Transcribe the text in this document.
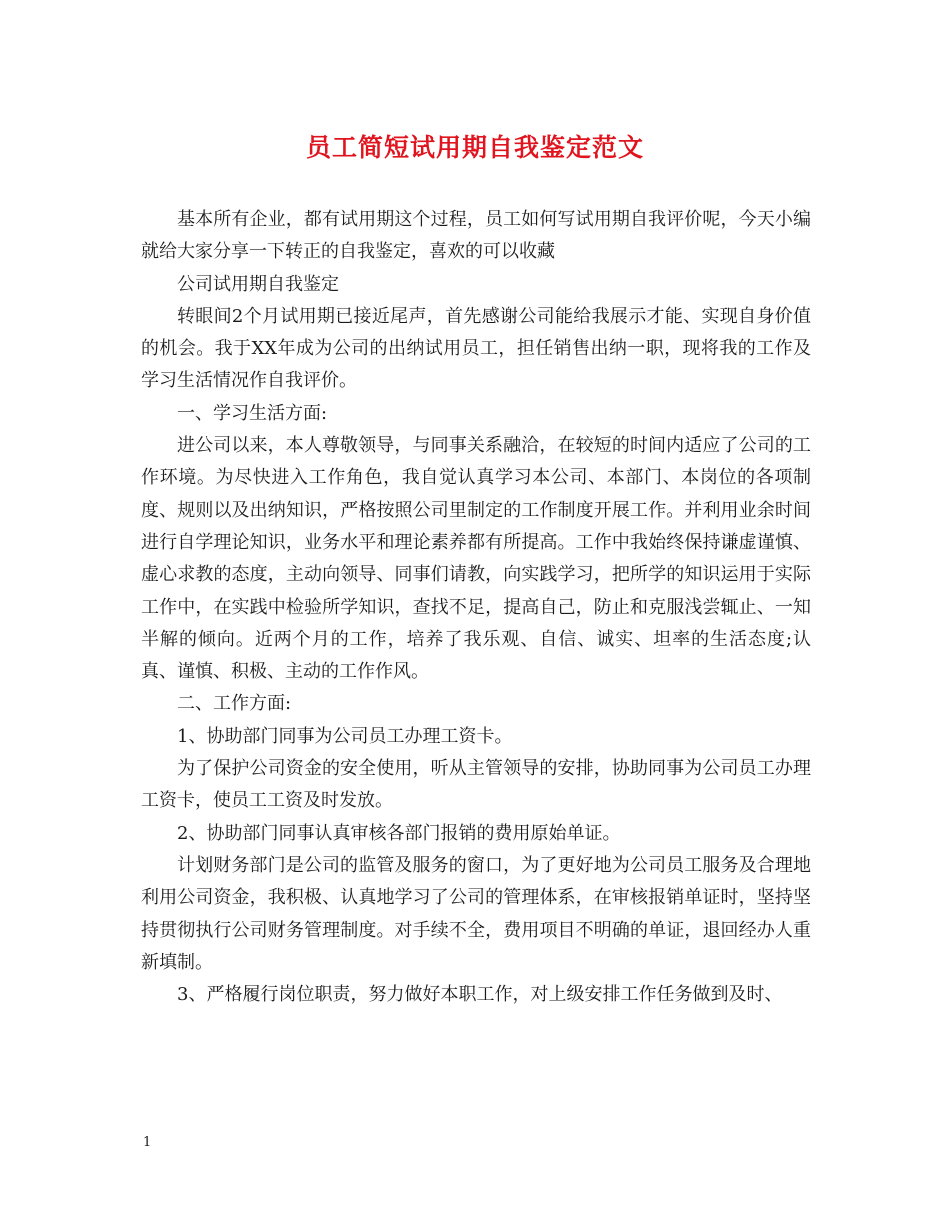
员工简短试用期自我鉴定范文

基本所有企业，都有试用期这个过程，员工如何写试用期自我评价呢，今天小编就给大家分享一下转正的自我鉴定，喜欢的可以收藏

公司试用期自我鉴定

转眼间2个月试用期已接近尾声，首先感谢公司能给我展示才能、实现自身价值的机会。我于XX年成为公司的出纳试用员工，担任销售出纳一职，现将我的工作及学习生活情况作自我评价。

一、学习生活方面:

进公司以来，本人尊敬领导，与同事关系融洽，在较短的时间内适应了公司的工作环境。为尽快进入工作角色，我自觉认真学习本公司、本部门、本岗位的各项制度、规则以及出纳知识，严格按照公司里制定的工作制度开展工作。并利用业余时间进行自学理论知识，业务水平和理论素养都有所提高。工作中我始终保持谦虚谨慎、虚心求教的态度，主动向领导、同事们请教，向实践学习，把所学的知识运用于实际工作中，在实践中检验所学知识，查找不足，提高自己，防止和克服浅尝辄止、一知半解的倾向。近两个月的工作，培养了我乐观、自信、诚实、坦率的生活态度;认真、谨慎、积极、主动的工作作风。

二、工作方面:

1、协助部门同事为公司员工办理工资卡。

为了保护公司资金的安全使用，听从主管领导的安排，协助同事为公司员工办理工资卡，使员工工资及时发放。

2、协助部门同事认真审核各部门报销的费用原始单证。

计划财务部门是公司的监管及服务的窗口，为了更好地为公司员工服务及合理地利用公司资金，我积极、认真地学习了公司的管理体系，在审核报销单证时，坚持坚持贯彻执行公司财务管理制度。对手续不全，费用项目不明确的单证，退回经办人重新填制。

3、严格履行岗位职责，努力做好本职工作，对上级安排工作任务做到及时、

1
